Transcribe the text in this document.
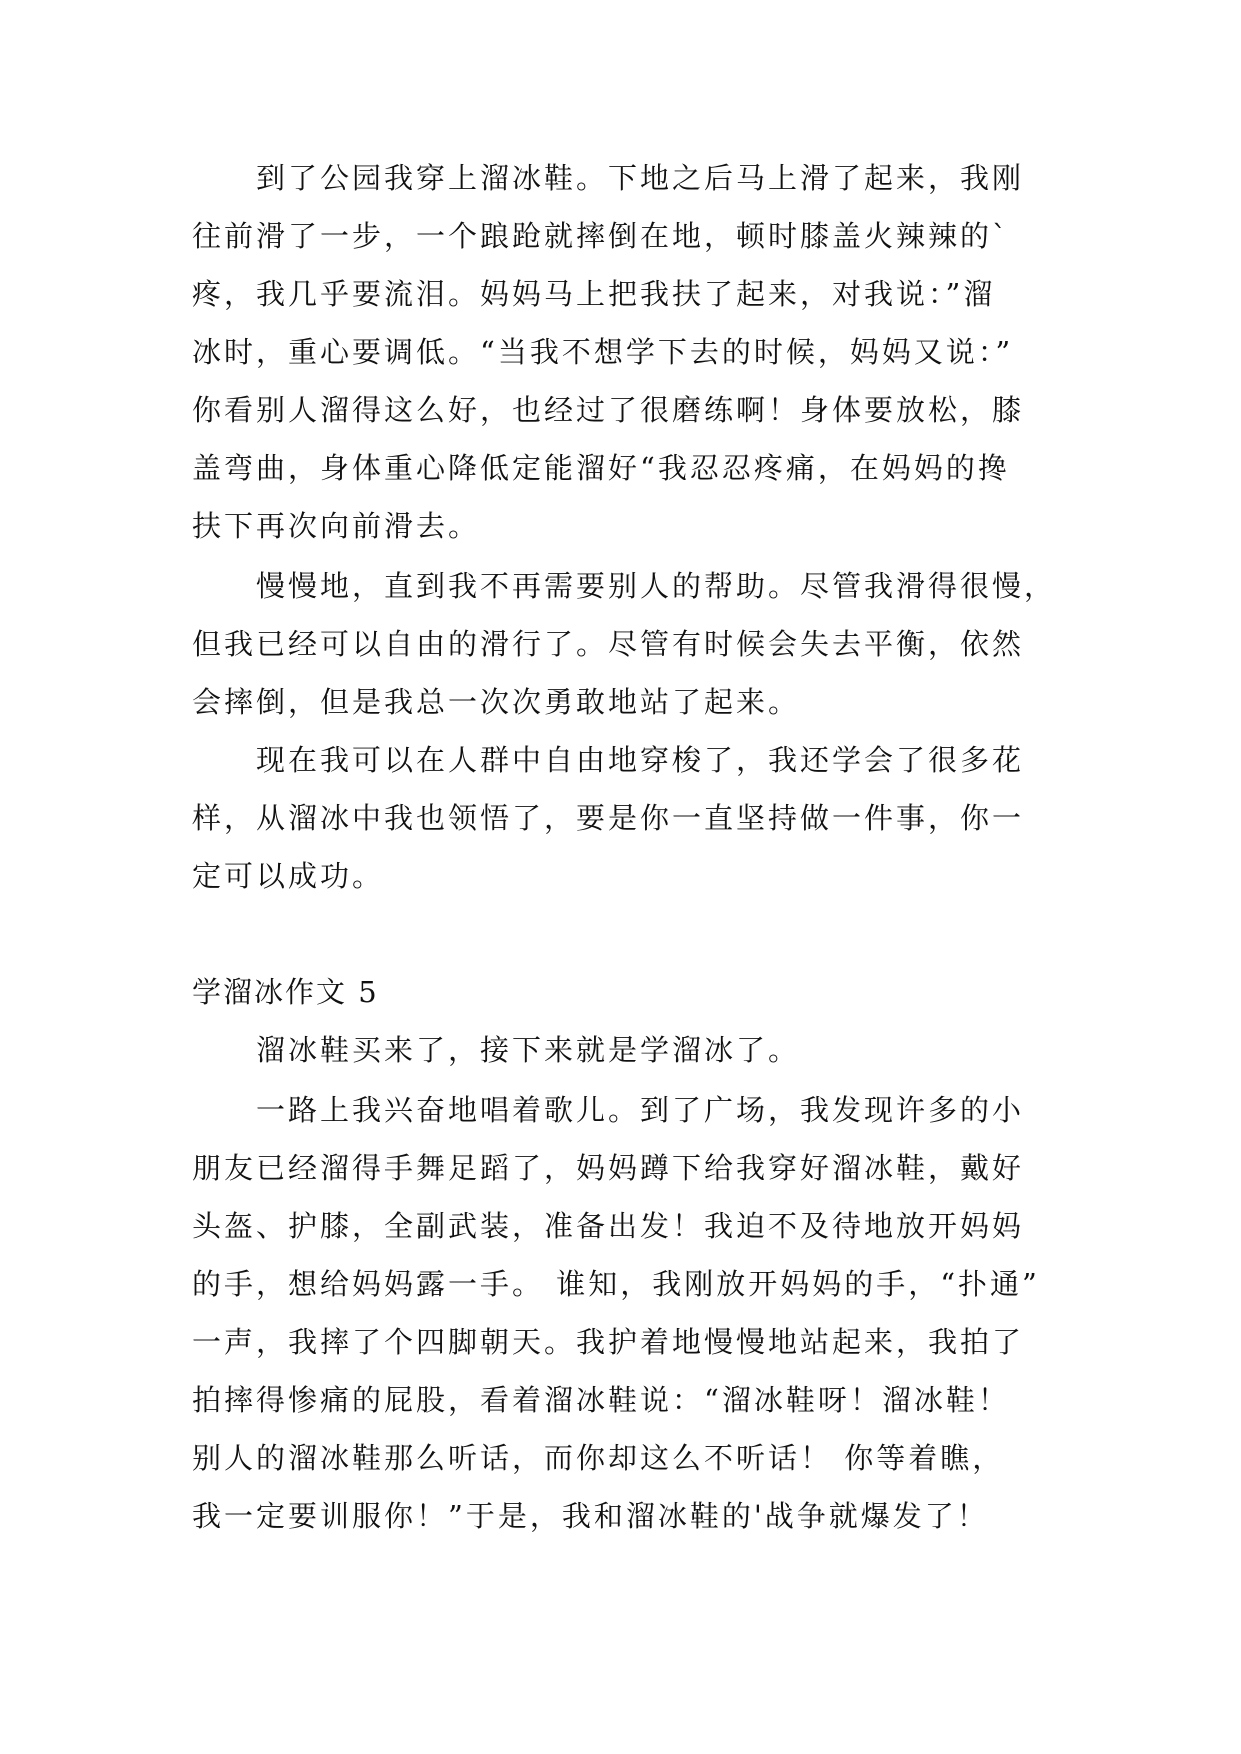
到了公园我穿上溜冰鞋。下地之后马上滑了起来，我刚
往前滑了一步，一个踉跄就摔倒在地，顿时膝盖火辣辣的`
疼，我几乎要流泪。妈妈马上把我扶了起来，对我说：”溜
冰时，重心要调低。“当我不想学下去的时候，妈妈又说：”
你看别人溜得这么好，也经过了很磨练啊！身体要放松，膝
盖弯曲，身体重心降低定能溜好“我忍忍疼痛，在妈妈的搀
扶下再次向前滑去。
慢慢地，直到我不再需要别人的帮助。尽管我滑得很慢，
但我已经可以自由的滑行了。尽管有时候会失去平衡，依然
会摔倒，但是我总一次次勇敢地站了起来。
现在我可以在人群中自由地穿梭了，我还学会了很多花
样，从溜冰中我也领悟了，要是你一直坚持做一件事，你一
定可以成功。
学溜冰作文 5
溜冰鞋买来了，接下来就是学溜冰了。
一路上我兴奋地唱着歌儿。到了广场，我发现许多的小
朋友已经溜得手舞足蹈了，妈妈蹲下给我穿好溜冰鞋，戴好
头盔、护膝，全副武装，准备出发！我迫不及待地放开妈妈
的手，想给妈妈露一手。 谁知，我刚放开妈妈的手，“扑通”
一声，我摔了个四脚朝天。我护着地慢慢地站起来，我拍了
拍摔得惨痛的屁股，看着溜冰鞋说：“溜冰鞋呀！溜冰鞋！
别人的溜冰鞋那么听话，而你却这么不听话！ 你等着瞧，
我一定要训服你！”于是，我和溜冰鞋的'战争就爆发了！
